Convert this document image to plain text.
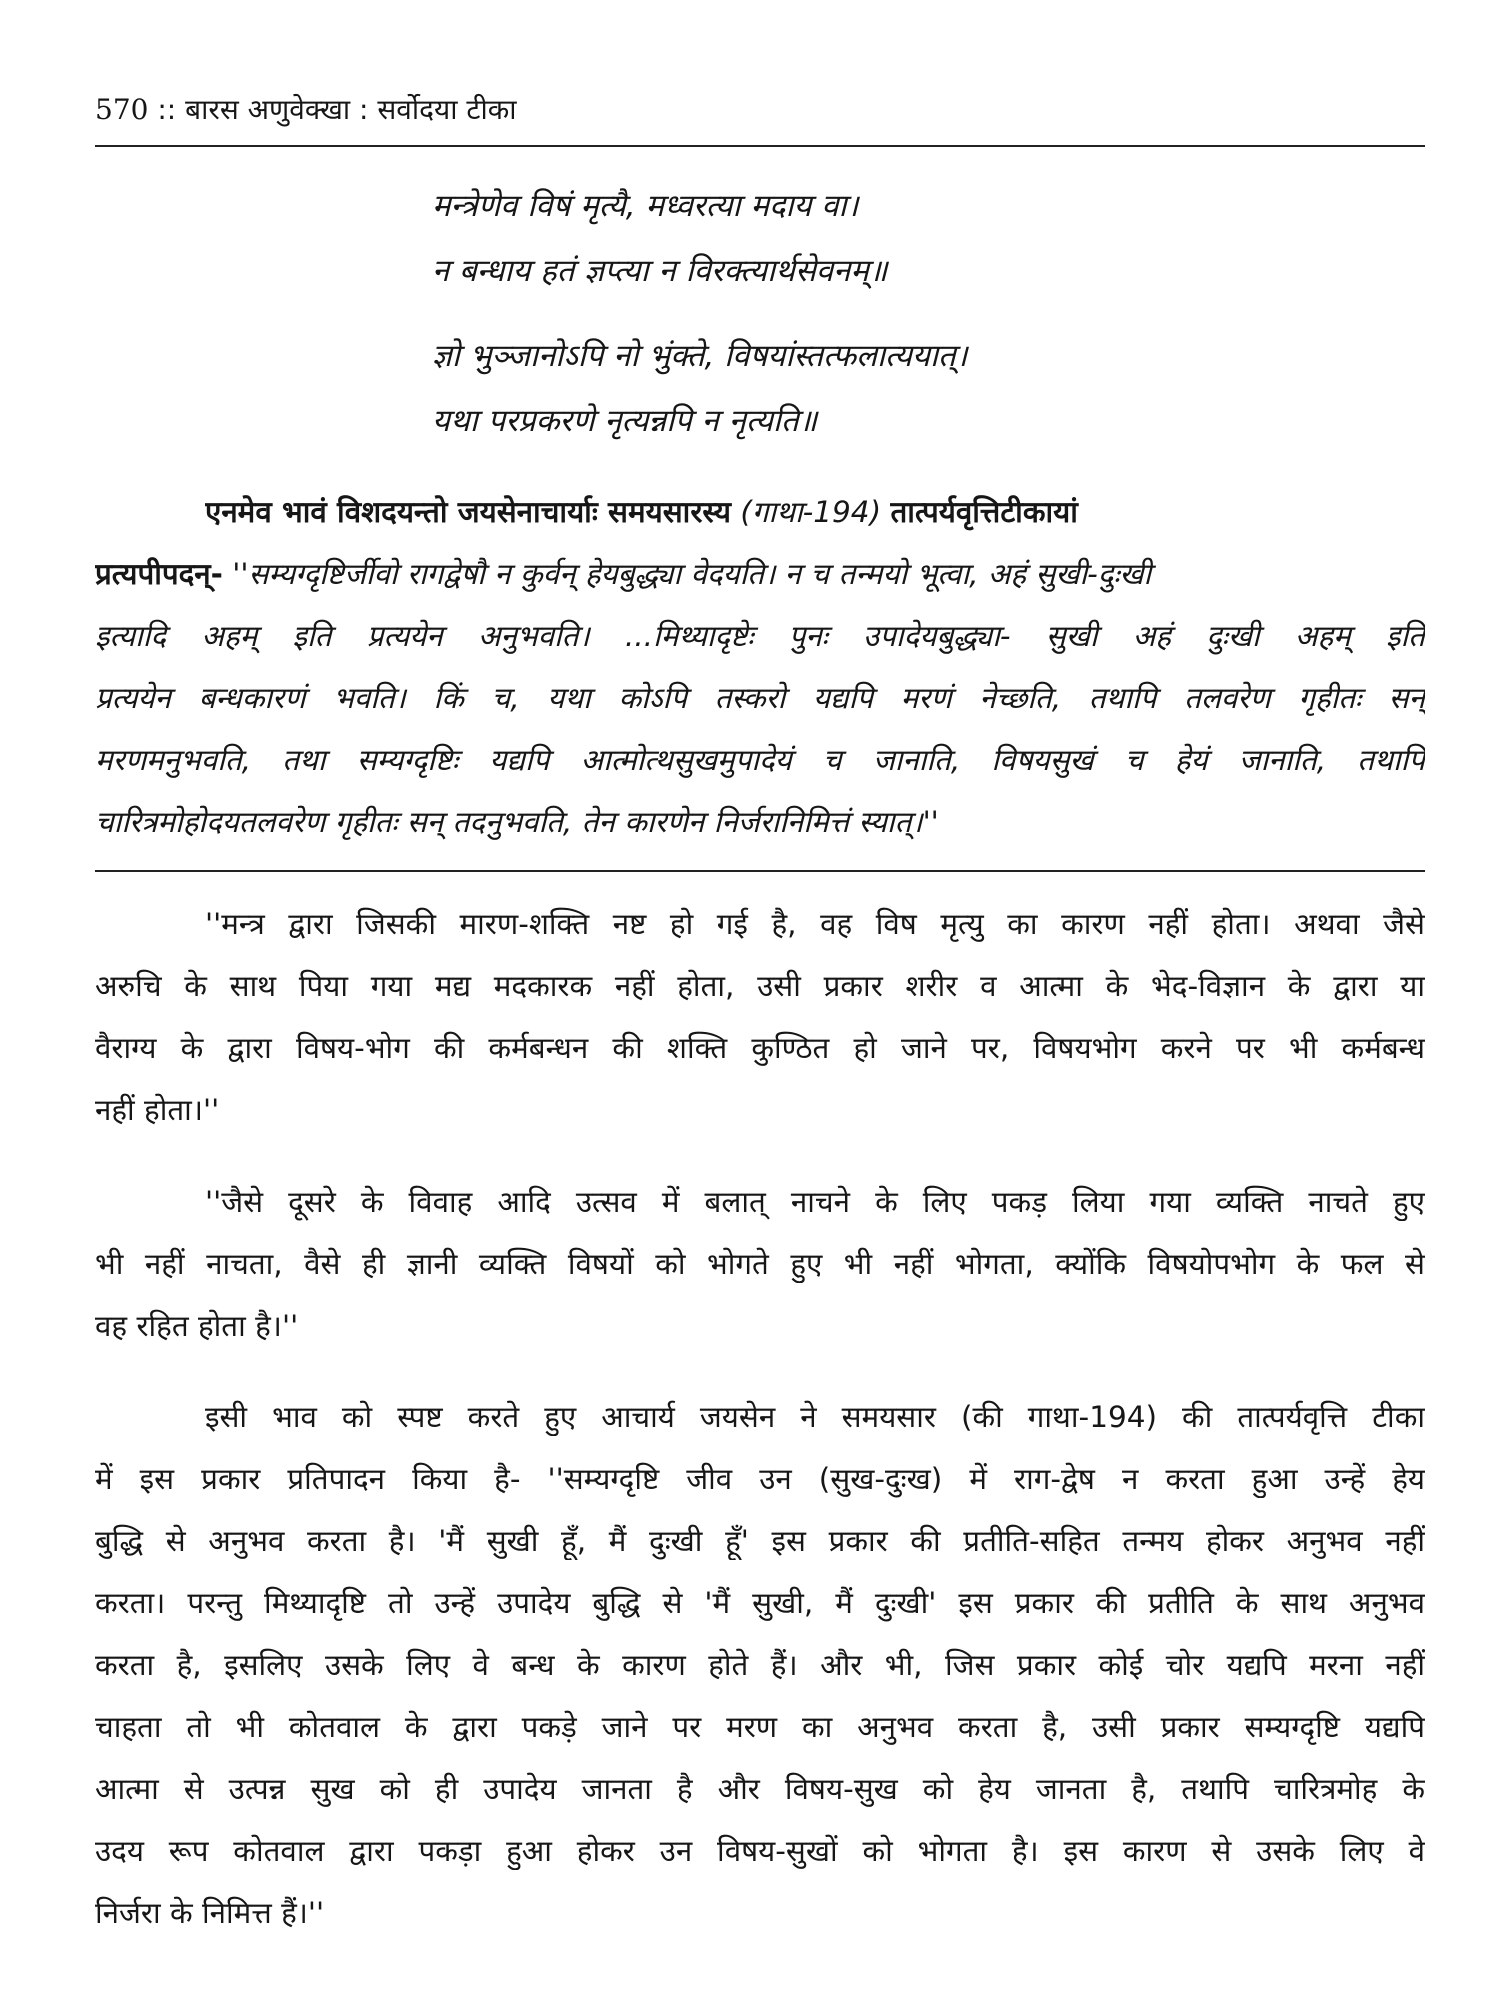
570 :: बारस अणुवेक्खा : सर्वोदया टीका
मन्त्रेणेव विषं मृत्यै, मध्वरत्या मदाय वा।
न बन्धाय हतं ज्ञप्त्या न विरक्त्यार्थसेवनम्॥
ज्ञो भुञ्जानोऽपि नो भुंक्ते, विषयांस्तत्फलात्ययात्।
यथा परप्रकरणे नृत्यन्नपि न नृत्यति॥
एनमेव भावं विशदयन्तो जयसेनाचार्याः समयसारस्य (गाथा-194) तात्पर्यवृत्तिटीकायां
प्रत्यपीपदन्- ''सम्यग्दृष्टिर्जीवो रागद्वेषौ न कुर्वन् हेयबुद्ध्या वेदयति। न च तन्मयो भूत्वा, अहं सुखी-दुःखी
इत्यादि अहम् इति प्रत्ययेन अनुभवति। ...मिथ्यादृष्टेः पुनः उपादेयबुद्ध्या- सुखी अहं दुःखी अहम् इति
प्रत्ययेन बन्धकारणं भवति। किं च, यथा कोऽपि तस्करो यद्यपि मरणं नेच्छति, तथापि तलवरेण गृहीतः सन्
मरणमनुभवति, तथा सम्यग्दृष्टिः यद्यपि आत्मोत्थसुखमुपादेयं च जानाति, विषयसुखं च हेयं जानाति, तथापि
चारित्रमोहोदयतलवरेण गृहीतः सन् तदनुभवति, तेन कारणेन निर्जरानिमित्तं स्यात्।''
''मन्त्र द्वारा जिसकी मारण-शक्ति नष्ट हो गई है, वह विष मृत्यु का कारण नहीं होता। अथवा जैसे
अरुचि के साथ पिया गया मद्य मदकारक नहीं होता, उसी प्रकार शरीर व आत्मा के भेद-विज्ञान के द्वारा या
वैराग्य के द्वारा विषय-भोग की कर्मबन्धन की शक्ति कुण्ठित हो जाने पर, विषयभोग करने पर भी कर्मबन्ध
नहीं होता।''
''जैसे दूसरे के विवाह आदि उत्सव में बलात् नाचने के लिए पकड़ लिया गया व्यक्ति नाचते हुए
भी नहीं नाचता, वैसे ही ज्ञानी व्यक्ति विषयों को भोगते हुए भी नहीं भोगता, क्योंकि विषयोपभोग के फल से
वह रहित होता है।''
इसी भाव को स्पष्ट करते हुए आचार्य जयसेन ने समयसार (की गाथा-194) की तात्पर्यवृत्ति टीका
में इस प्रकार प्रतिपादन किया है- ''सम्यग्दृष्टि जीव उन (सुख-दुःख) में राग-द्वेष न करता हुआ उन्हें हेय
बुद्धि से अनुभव करता है। 'मैं सुखी हूँ, मैं दुःखी हूँ' इस प्रकार की प्रतीति-सहित तन्मय होकर अनुभव नहीं
करता। परन्तु मिथ्यादृष्टि तो उन्हें उपादेय बुद्धि से 'मैं सुखी, मैं दुःखी' इस प्रकार की प्रतीति के साथ अनुभव
करता है, इसलिए उसके लिए वे बन्ध के कारण होते हैं। और भी, जिस प्रकार कोई चोर यद्यपि मरना नहीं
चाहता तो भी कोतवाल के द्वारा पकड़े जाने पर मरण का अनुभव करता है, उसी प्रकार सम्यग्दृष्टि यद्यपि
आत्मा से उत्पन्न सुख को ही उपादेय जानता है और विषय-सुख को हेय जानता है, तथापि चारित्रमोह के
उदय रूप कोतवाल द्वारा पकड़ा हुआ होकर उन विषय-सुखों को भोगता है। इस कारण से उसके लिए वे
निर्जरा के निमित्त हैं।''
